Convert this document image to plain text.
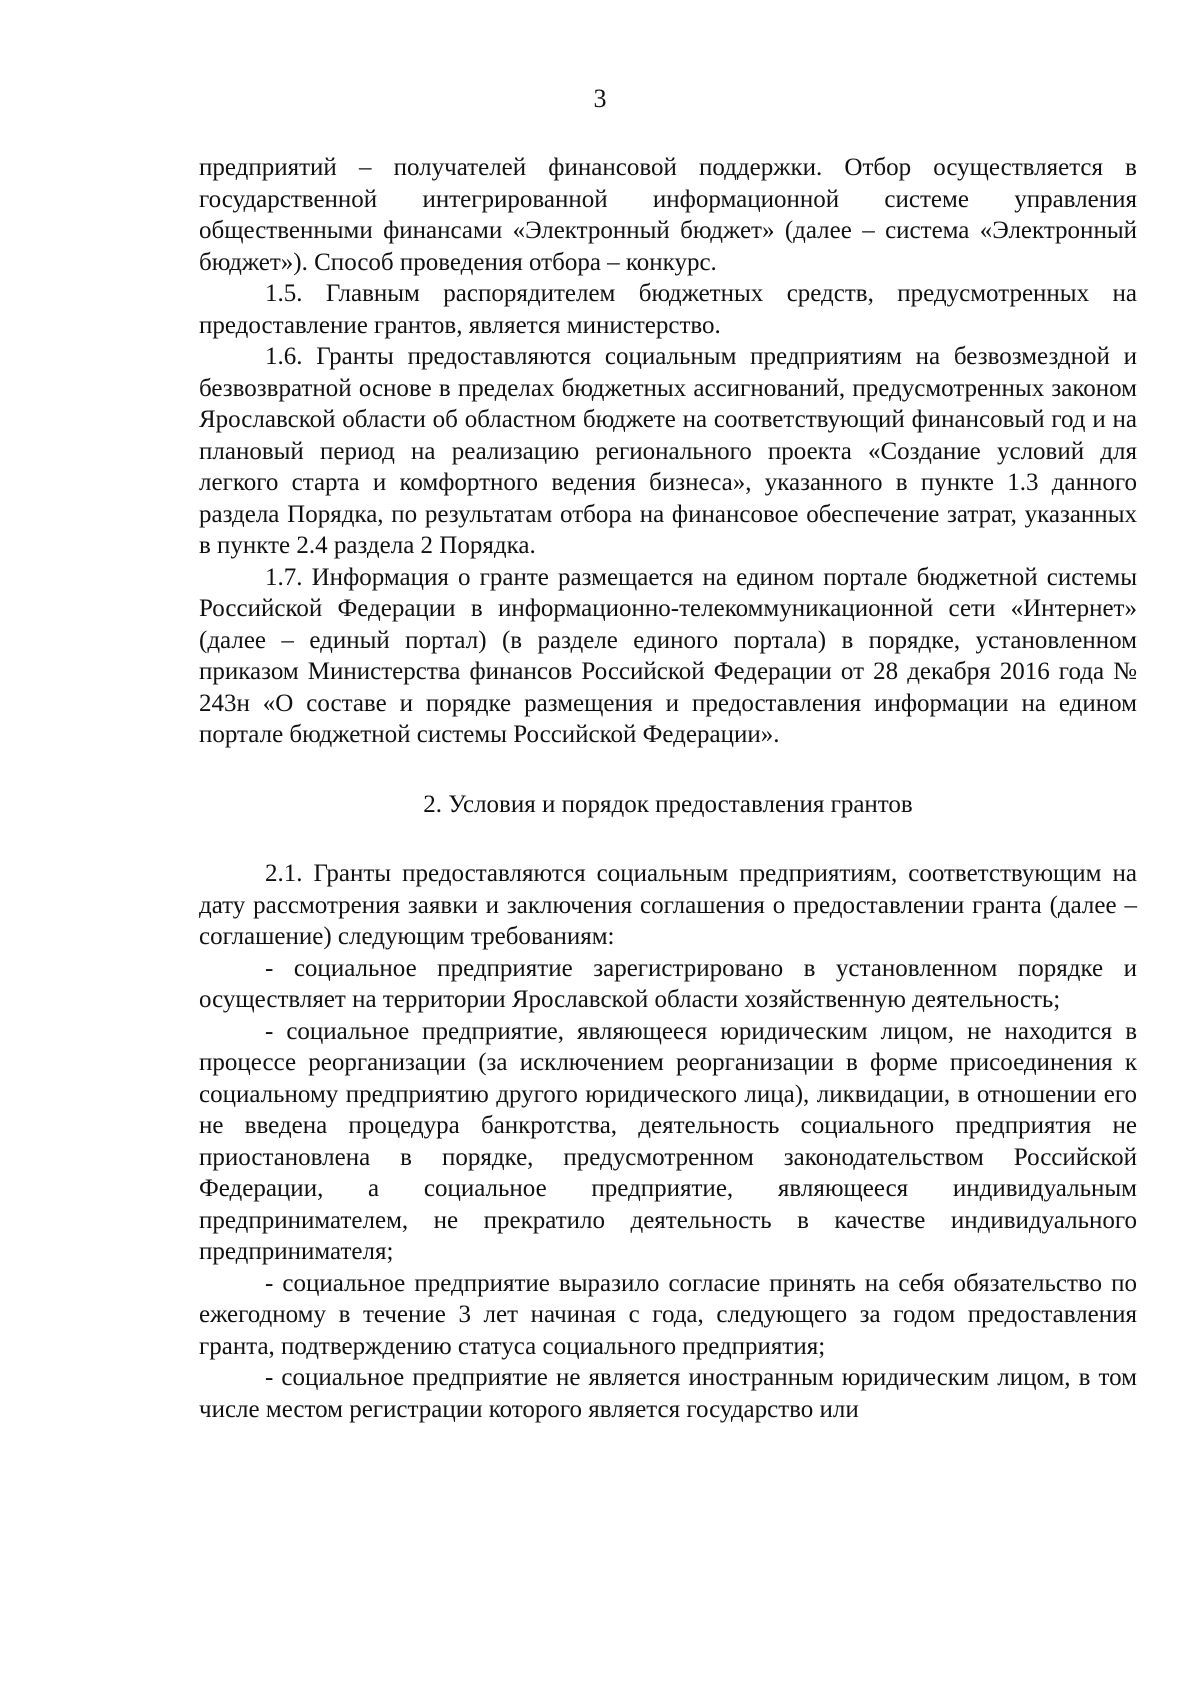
3

предприятий – получателей финансовой поддержки. Отбор осуществляется в государственной интегрированной информационной системе управления общественными финансами «Электронный бюджет» (далее – система «Электронный бюджет»). Способ проведения отбора – конкурс.

1.5. Главным распорядителем бюджетных средств, предусмотренных на предоставление грантов, является министерство.

1.6. Гранты предоставляются социальным предприятиям на безвозмездной и безвозвратной основе в пределах бюджетных ассигнований, предусмотренных законом Ярославской области об областном бюджете на соответствующий финансовый год и на плановый период на реализацию регионального проекта «Создание условий для легкого старта и комфортного ведения бизнеса», указанного в пункте 1.3 данного раздела Порядка, по результатам отбора на финансовое обеспечение затрат, указанных в пункте 2.4 раздела 2 Порядка.

1.7. Информация о гранте размещается на едином портале бюджетной системы Российской Федерации в информационно-телекоммуникационной сети «Интернет» (далее – единый портал) (в разделе единого портала) в порядке, установленном приказом Министерства финансов Российской Федерации от 28 декабря 2016 года № 243н «О составе и порядке размещения и предоставления информации на едином портале бюджетной системы Российской Федерации».

2. Условия и порядок предоставления грантов

2.1. Гранты предоставляются социальным предприятиям, соответствующим на дату рассмотрения заявки и заключения соглашения о предоставлении гранта (далее – соглашение) следующим требованиям:

- социальное предприятие зарегистрировано в установленном порядке и осуществляет на территории Ярославской области хозяйственную деятельность;

- социальное предприятие, являющееся юридическим лицом, не находится в процессе реорганизации (за исключением реорганизации в форме присоединения к социальному предприятию другого юридического лица), ликвидации, в отношении его не введена процедура банкротства, деятельность социального предприятия не приостановлена в порядке, предусмотренном законодательством Российской Федерации, а социальное предприятие, являющееся индивидуальным предпринимателем, не прекратило деятельность в качестве индивидуального предпринимателя;

- социальное предприятие выразило согласие принять на себя обязательство по ежегодному в течение 3 лет начиная с года, следующего за годом предоставления гранта, подтверждению статуса социального предприятия;

- социальное предприятие не является иностранным юридическим лицом, в том числе местом регистрации которого является государство или
